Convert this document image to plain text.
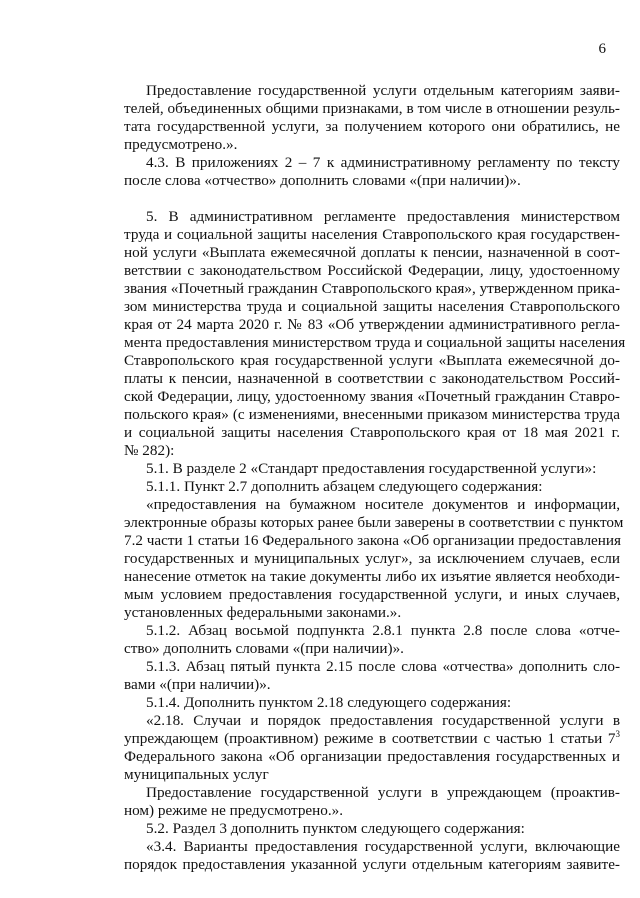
6
Предоставление государственной услуги отдельным категориям заяви-
телей, объединенных общими признаками, в том числе в отношении резуль-
тата государственной услуги, за получением которого они обратились, не
предусмотрено.».
4.3. В приложениях 2 – 7 к административному регламенту по тексту
после слова «отчество» дополнить словами «(при наличии)».
5. В административном регламенте предоставления министерством
труда и социальной защиты населения Ставропольского края государствен-
ной услуги «Выплата ежемесячной доплаты к пенсии, назначенной в соот-
ветствии с законодательством Российской Федерации, лицу, удостоенному
звания «Почетный гражданин Ставропольского края», утвержденном прика-
зом министерства труда и социальной защиты населения Ставропольского
края от 24 марта 2020 г. № 83 «Об утверждении административного регла-
мента предоставления министерством труда и социальной защиты населения
Ставропольского края государственной услуги «Выплата ежемесячной до-
платы к пенсии, назначенной в соответствии с законодательством Россий-
ской Федерации, лицу, удостоенному звания «Почетный гражданин Ставро-
польского края» (с изменениями, внесенными приказом министерства труда
и социальной защиты населения Ставропольского края от 18 мая 2021 г.
№ 282):
5.1. В разделе 2 «Стандарт предоставления государственной услуги»:
5.1.1. Пункт 2.7 дополнить абзацем следующего содержания:
«предоставления на бумажном носителе документов и информации,
электронные образы которых ранее были заверены в соответствии с пунктом
7.2 части 1 статьи 16 Федерального закона «Об организации предоставления
государственных и муниципальных услуг», за исключением случаев, если
нанесение отметок на такие документы либо их изъятие является необходи-
мым условием предоставления государственной услуги, и иных случаев,
установленных федеральными законами.».
5.1.2. Абзац восьмой подпункта 2.8.1 пункта 2.8 после слова «отче-
ство» дополнить словами «(при наличии)».
5.1.3. Абзац пятый пункта 2.15 после слова «отчества» дополнить сло-
вами «(при наличии)».
5.1.4. Дополнить пунктом 2.18 следующего содержания:
«2.18. Случаи и порядок предоставления государственной услуги в
упреждающем (проактивном) режиме в соответствии с частью 1 статьи $7^3$
Федерального закона «Об организации предоставления государственных и
муниципальных услуг
Предоставление государственной услуги в упреждающем (проактив-
ном) режиме не предусмотрено.».
5.2. Раздел 3 дополнить пунктом следующего содержания:
«3.4. Варианты предоставления государственной услуги, включающие
порядок предоставления указанной услуги отдельным категориям заявите-
